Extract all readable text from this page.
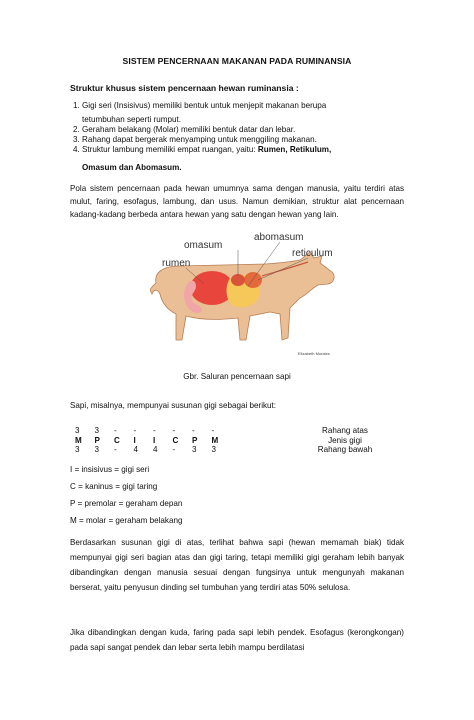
SISTEM PENCERNAAN MAKANAN PADA RUMINANSIA
Struktur khusus sistem pencernaan hewan ruminansia :
1. Gigi seri (Insisivus) memiliki bentuk untuk menjepit makanan berupa
tetumbuhan seperti rumput.
2. Geraham belakang (Molar) memiliki bentuk datar dan lebar.
3. Rahang dapat bergerak menyamping untuk menggiling makanan.
4. Struktur lambung memiliki empat ruangan, yaitu: Rumen, Retikulum,
Omasum dan Abomasum.
Pola sistem pencernaan pada hewan umumnya sama dengan manusia, yaitu terdiri atas mulut, faring, esofagus, lambung, dan usus. Namun demikian, struktur alat pencernaan kadang-kadang berbeda antara hewan yang satu dengan hewan yang lain.
omasum
abomasum
rumen
reticulum
Elizabeth Morales
Gbr. Saluran pencernaan sapi
Sapi, misalnya, mempunyai susunan gigi sebagai berikut:
3	3	-	-	-	-	-	-	Rahang atas
M	P	C	I	I	C	P	M	Jenis gigi
3	3	-	4	4	-	3	3	Rahang bawah
I = insisivus = gigi seri
C = kaninus = gigi taring
P = premolar = geraham depan
M = molar = geraham belakang
Berdasarkan susunan gigi di atas, terlihat bahwa sapi (hewan memamah biak) tidak mempunyai gigi seri bagian atas dan gigi taring, tetapi memiliki gigi geraham lebih banyak dibandingkan dengan manusia sesuai dengan fungsinya untuk mengunyah makanan berserat, yaitu penyusun dinding sel tumbuhan yang terdiri atas 50% selulosa.
Jika dibandingkan dengan kuda, faring pada sapi lebih pendek. Esofagus (kerongkongan) pada sapi sangat pendek dan lebar serta lebih mampu berdilatasi
